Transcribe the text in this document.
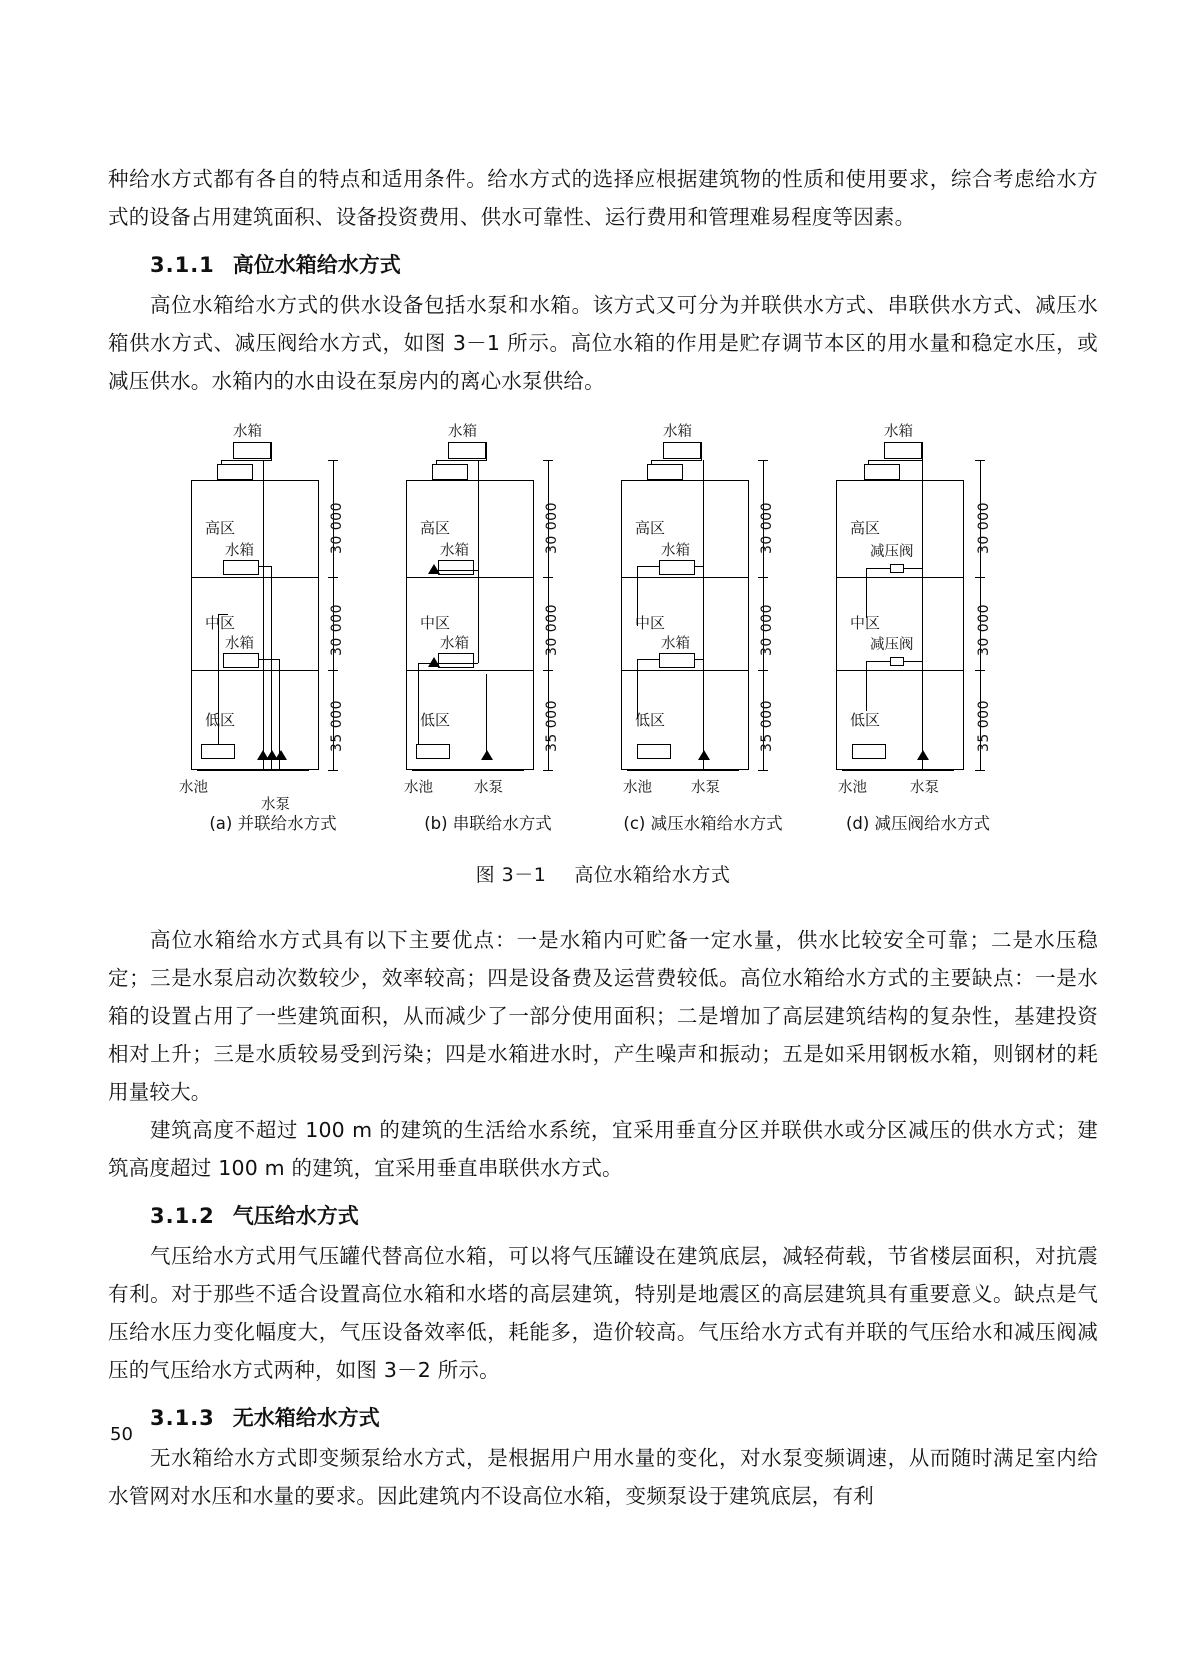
种给水方式都有各自的特点和适用条件。给水方式的选择应根据建筑物的性质和使用要求，综合考虑给水方式的设备占用建筑面积、设备投资费用、供水可靠性、运行费用和管理难易程度等因素。

3.1.1 高位水箱给水方式

高位水箱给水方式的供水设备包括水泵和水箱。该方式又可分为并联供水方式、串联供水方式、减压水箱供水方式、减压阀给水方式，如图 3－1 所示。高位水箱的作用是贮存调节本区的用水量和稳定水压，或减压供水。水箱内的水由设在泵房内的离心水泵供给。

水箱
高区
中区
低区
水箱
水箱
水池
水泵
30 000
30 000
35 000
(a) 并联给水方式
水箱
高区
中区
低区
水箱
水箱
水池	水泵
30 000
30 000
35 000
(b) 串联给水方式
水箱
高区
中区
低区
水箱
水箱
水池	水泵
30 000
30 000
35 000
(c) 减压水箱给水方式
水箱
高区
中区
低区
减压阀
减压阀
水池	水泵
30 000
30 000
35 000
(d) 减压阀给水方式
图 3－1 高位水箱给水方式

高位水箱给水方式具有以下主要优点：一是水箱内可贮备一定水量，供水比较安全可靠；二是水压稳定；三是水泵启动次数较少，效率较高；四是设备费及运营费较低。高位水箱给水方式的主要缺点：一是水箱的设置占用了一些建筑面积，从而减少了一部分使用面积；二是增加了高层建筑结构的复杂性，基建投资相对上升；三是水质较易受到污染；四是水箱进水时，产生噪声和振动；五是如采用钢板水箱，则钢材的耗用量较大。

建筑高度不超过 100 m 的建筑的生活给水系统，宜采用垂直分区并联供水或分区减压的供水方式；建筑高度超过 100 m 的建筑，宜采用垂直串联供水方式。

3.1.2 气压给水方式

气压给水方式用气压罐代替高位水箱，可以将气压罐设在建筑底层，减轻荷载，节省楼层面积，对抗震有利。对于那些不适合设置高位水箱和水塔的高层建筑，特别是地震区的高层建筑具有重要意义。缺点是气压给水压力变化幅度大，气压设备效率低，耗能多，造价较高。气压给水方式有并联的气压给水和减压阀减压的气压给水方式两种，如图 3－2 所示。

3.1.3 无水箱给水方式

无水箱给水方式即变频泵给水方式，是根据用户用水量的变化，对水泵变频调速，从而随时满足室内给水管网对水压和水量的要求。因此建筑内不设高位水箱，变频泵设于建筑底层，有利

50
